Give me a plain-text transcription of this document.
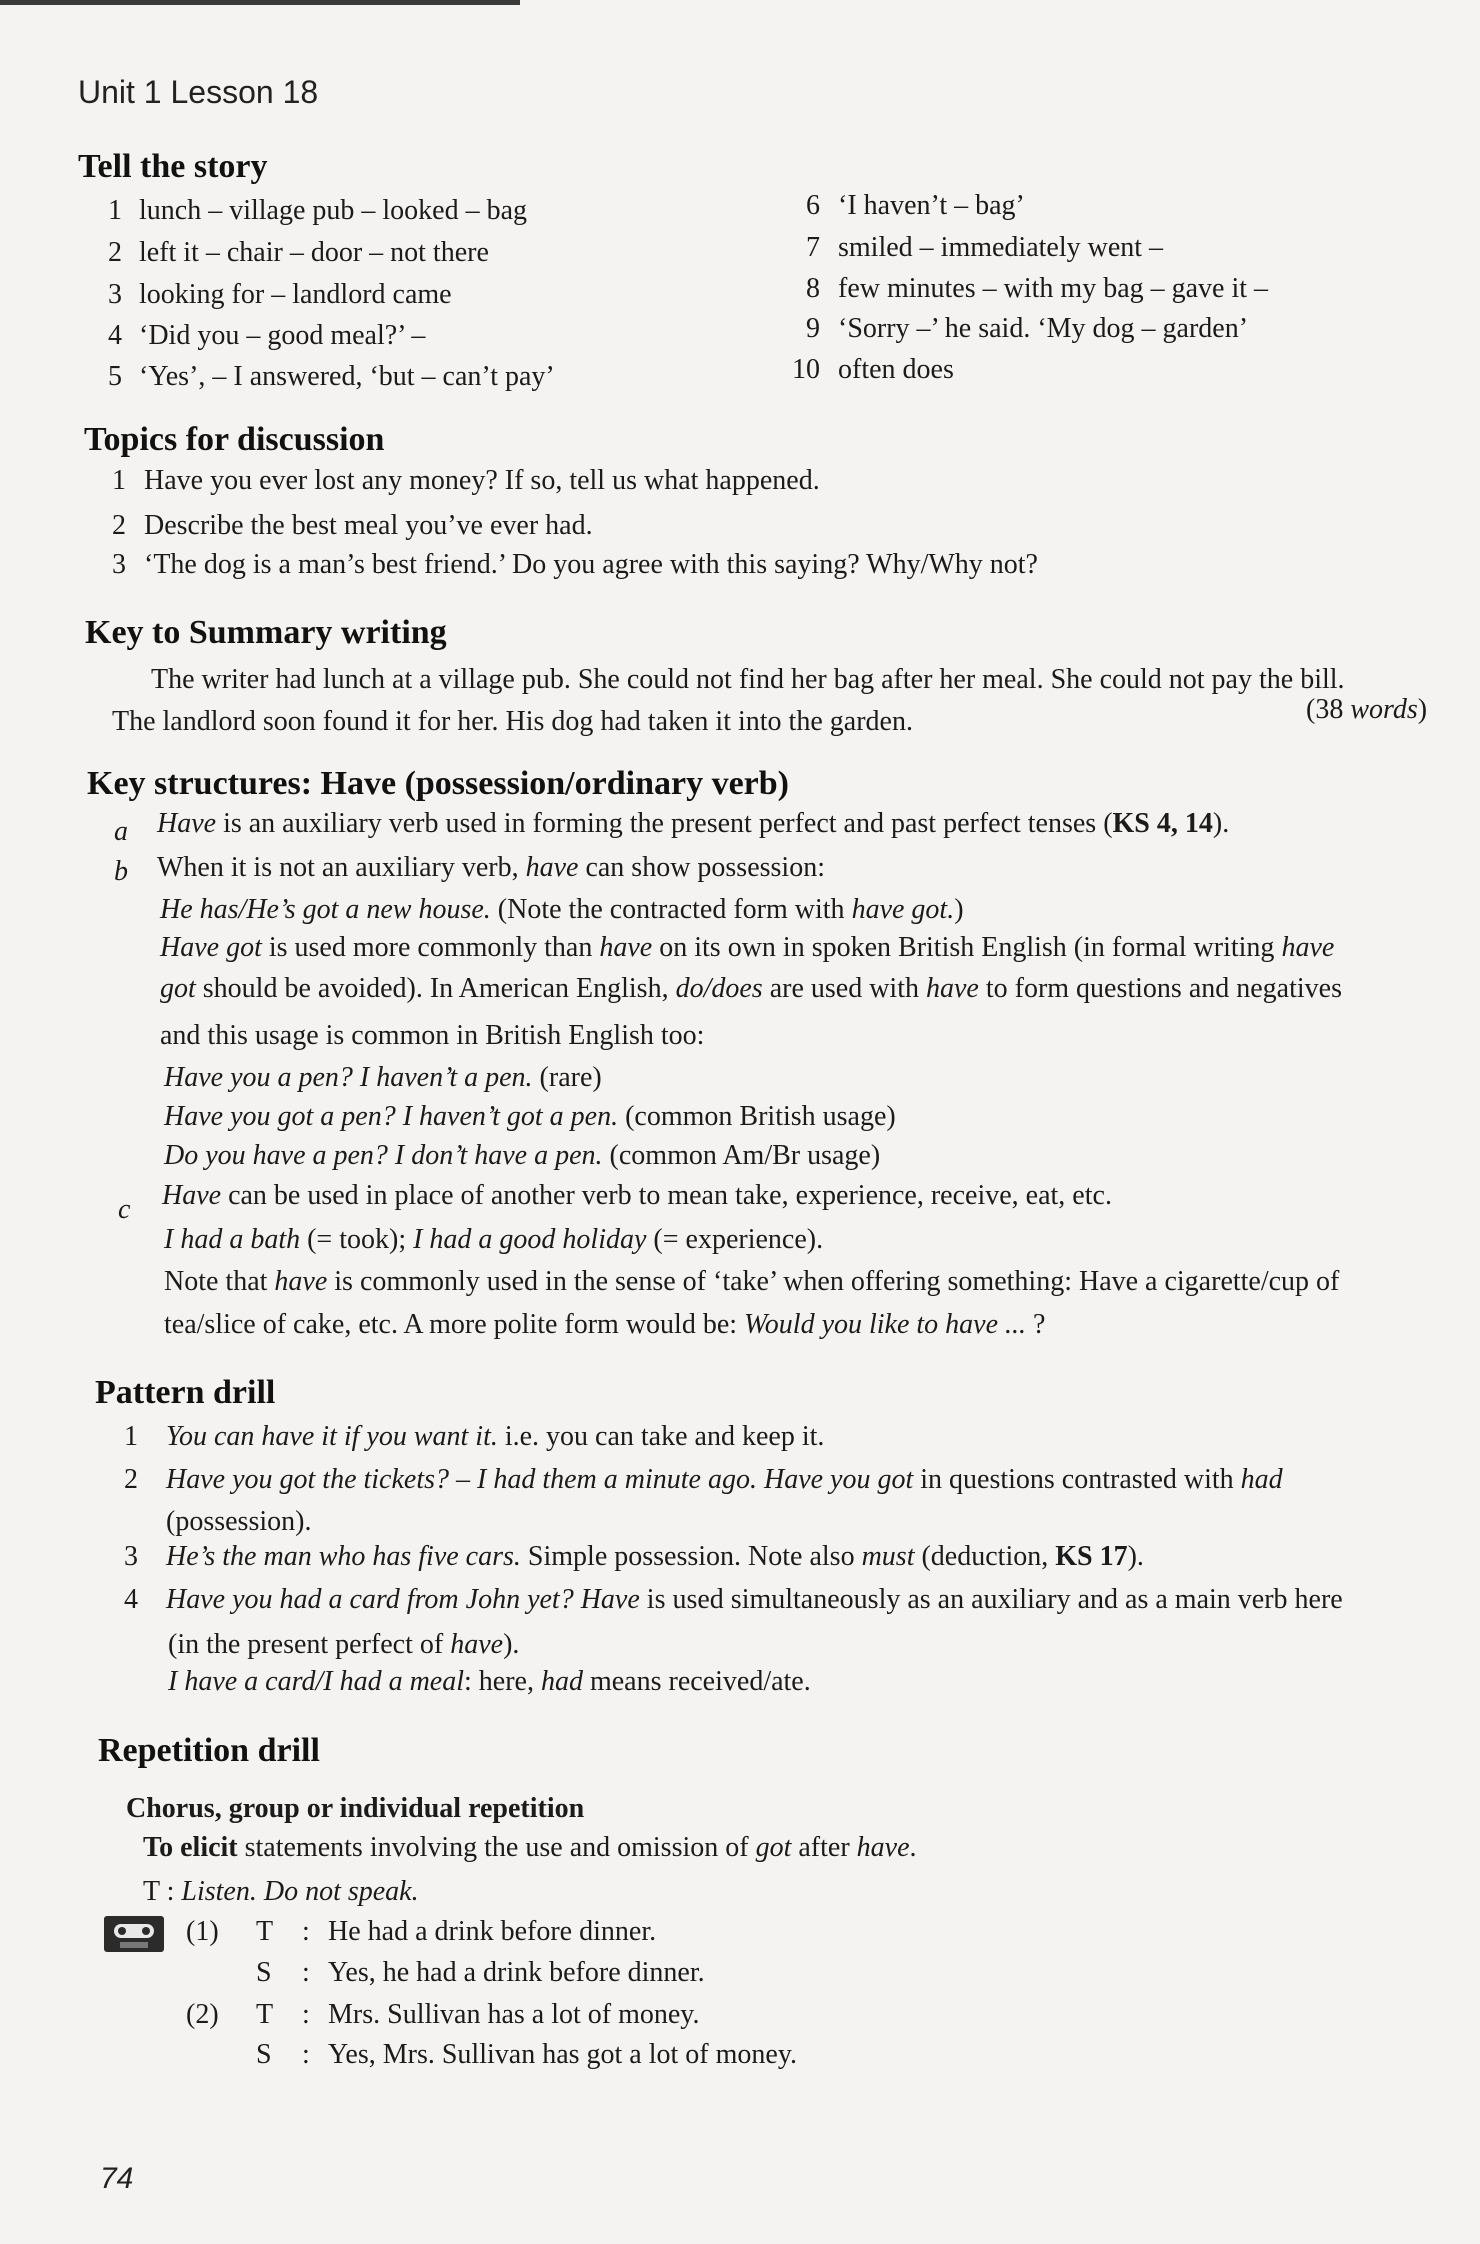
Unit 1 Lesson 18
Tell the story
1 lunch – village pub – looked – bag
2 left it – chair – door – not there
3 looking for – landlord came
4 ‘Did you – good meal?’ –
5 ‘Yes’, – I answered, ‘but – can’t pay’
6 ‘I haven’t – bag’
7 smiled – immediately went –
8 few minutes – with my bag – gave it –
9 ‘Sorry –’ he said. ‘My dog – garden’
10 often does
Topics for discussion
1 Have you ever lost any money? If so, tell us what happened.
2 Describe the best meal you’ve ever had.
3 ‘The dog is a man’s best friend.’ Do you agree with this saying? Why/Why not?
Key to Summary writing
The writer had lunch at a village pub. She could not find her bag after her meal. She could not pay the bill.
The landlord soon found it for her. His dog had taken it into the garden.	(38 words)
Key structures: Have (possession/ordinary verb)
a Have is an auxiliary verb used in forming the present perfect and past perfect tenses (KS 4, 14).
b When it is not an auxiliary verb, have can show possession:
He has/He’s got a new house. (Note the contracted form with have got.)
Have got is used more commonly than have on its own in spoken British English (in formal writing have
got should be avoided). In American English, do/does are used with have to form questions and negatives
and this usage is common in British English too:
Have you a pen? I haven’t a pen. (rare)
Have you got a pen? I haven’t got a pen. (common British usage)
Do you have a pen? I don’t have a pen. (common Am/Br usage)
c Have can be used in place of another verb to mean take, experience, receive, eat, etc.
I had a bath (= took); I had a good holiday (= experience).
Note that have is commonly used in the sense of ‘take’ when offering something: Have a cigarette/cup of
tea/slice of cake, etc. A more polite form would be: Would you like to have ... ?
Pattern drill
1 You can have it if you want it. i.e. you can take and keep it.
2 Have you got the tickets? – I had them a minute ago. Have you got in questions contrasted with had
(possession).
3 He’s the man who has five cars. Simple possession. Note also must (deduction, KS 17).
4 Have you had a card from John yet? Have is used simultaneously as an auxiliary and as a main verb here
(in the present perfect of have).
I have a card/I had a meal: here, had means received/ate.
Repetition drill
Chorus, group or individual repetition
To elicit statements involving the use and omission of got after have.
T : Listen. Do not speak.
(1) T : He had a drink before dinner.
S : Yes, he had a drink before dinner.
(2) T : Mrs. Sullivan has a lot of money.
S : Yes, Mrs. Sullivan has got a lot of money.
74
